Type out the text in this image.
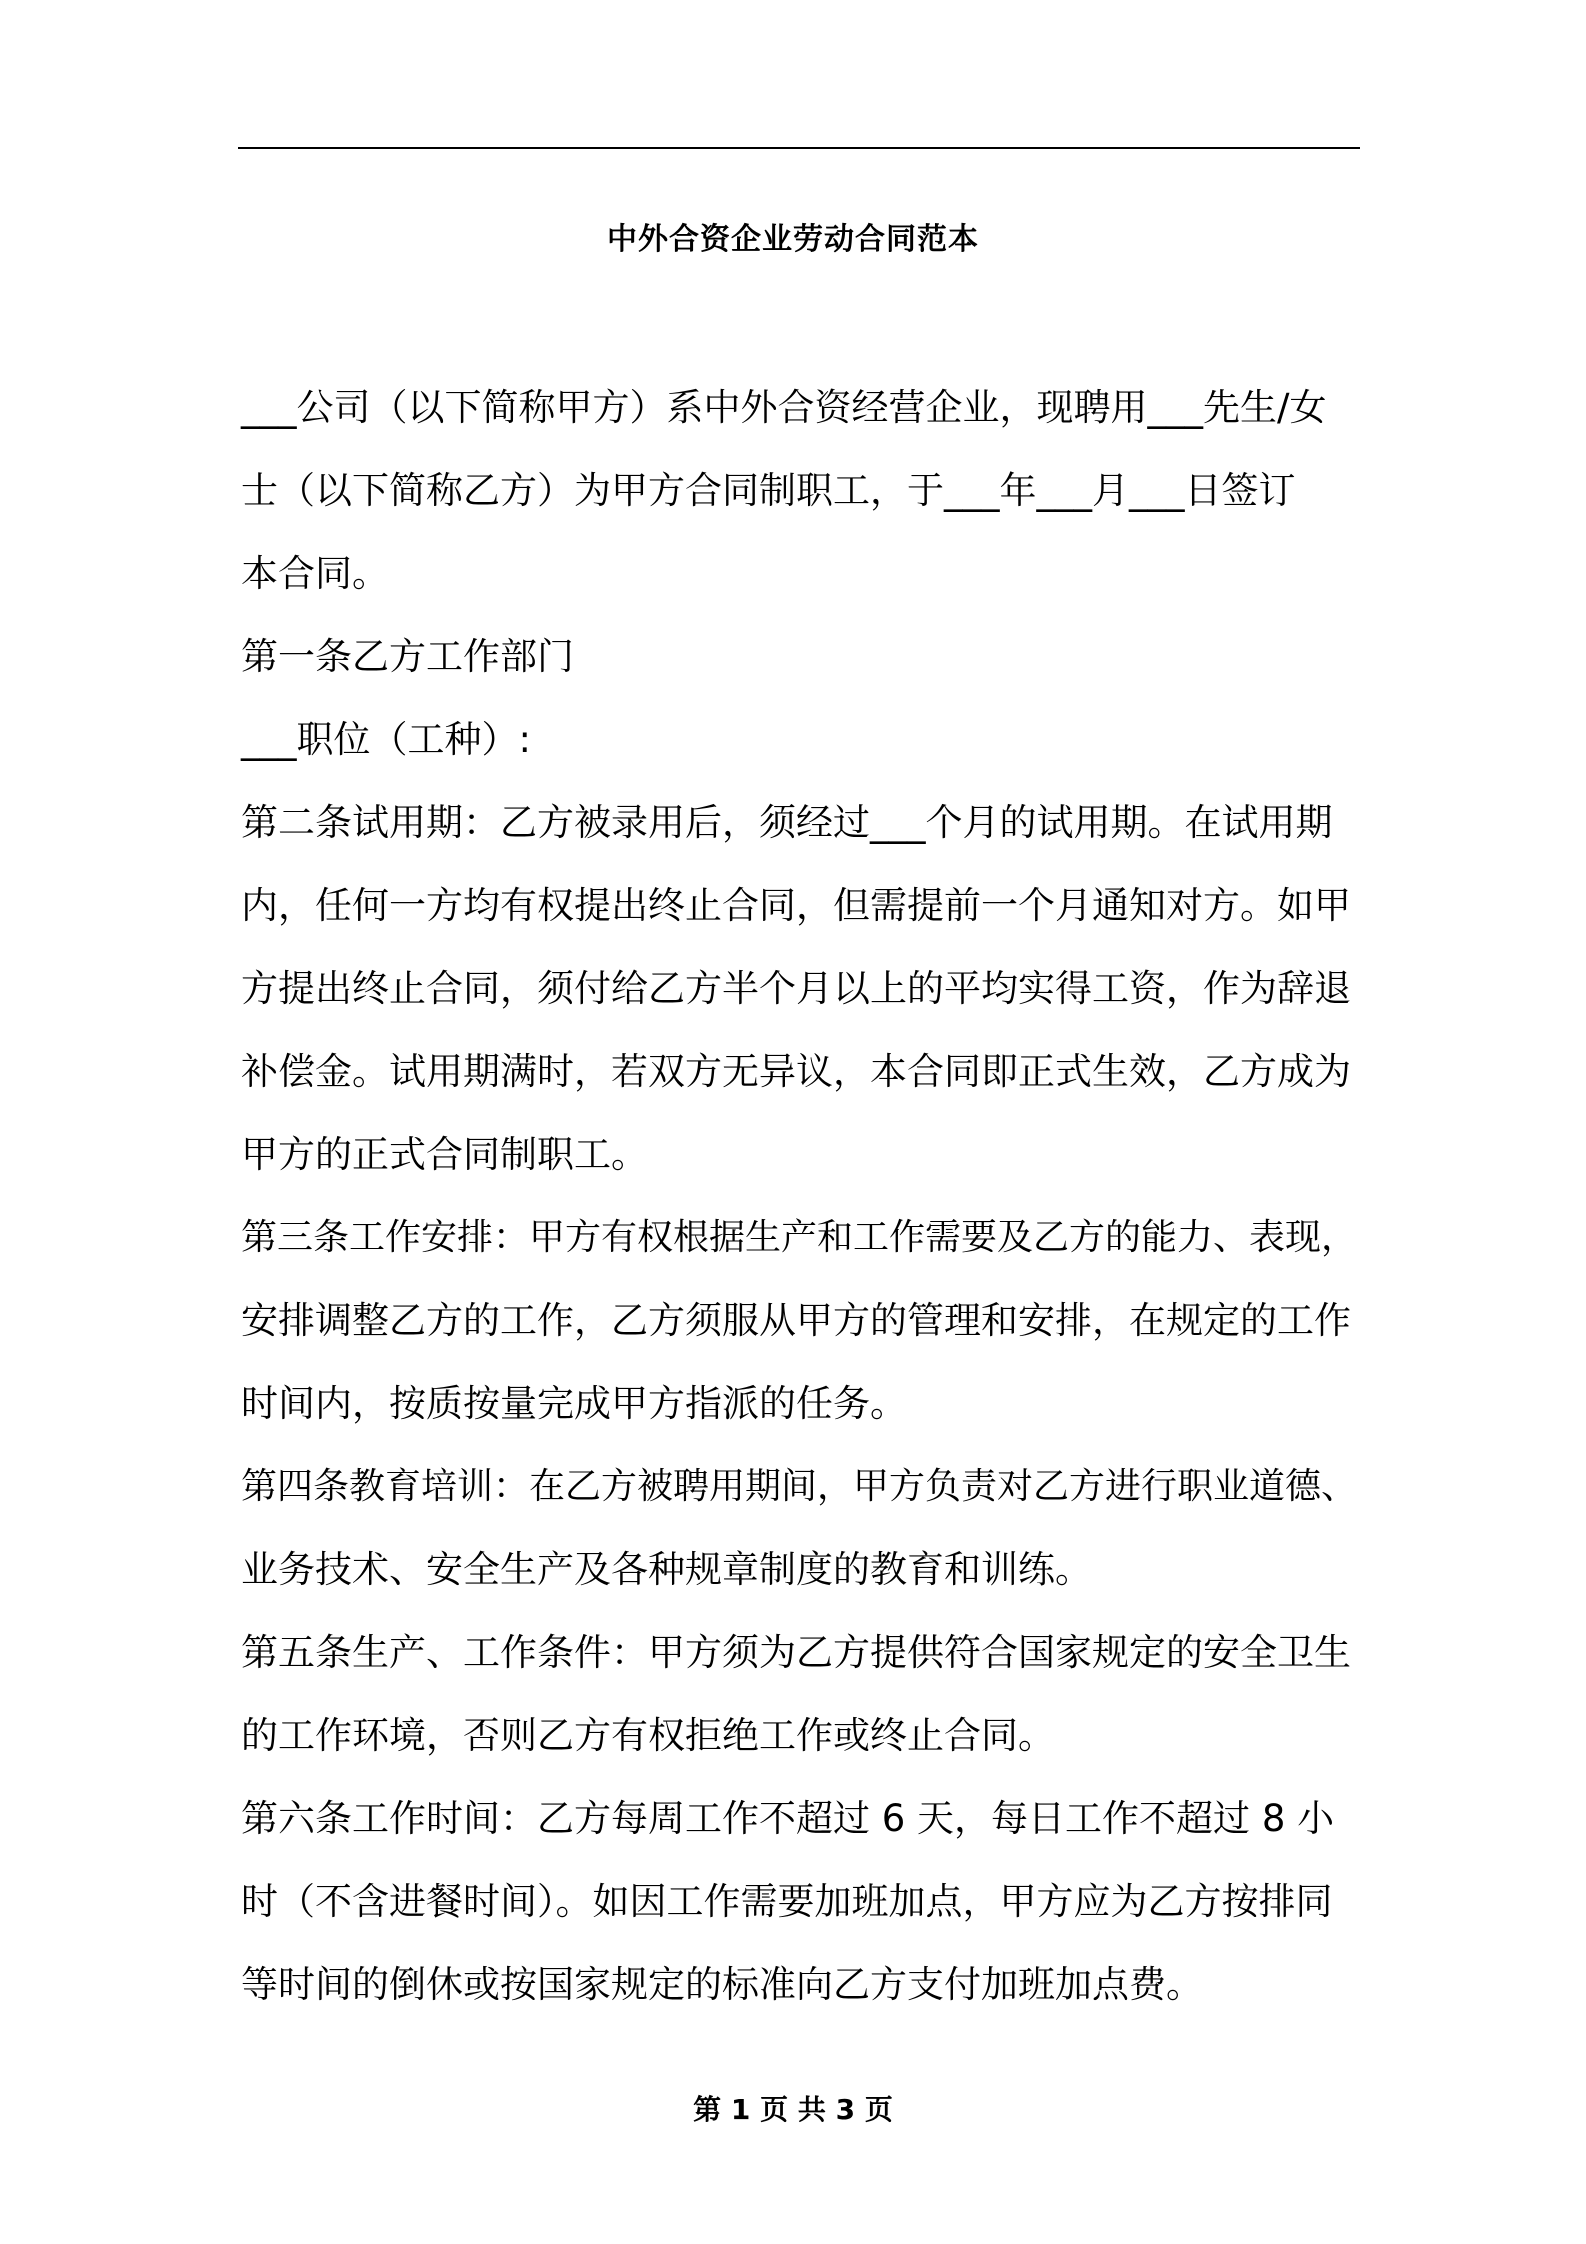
中外合资企业劳动合同范本
___公司（以下简称甲方）系中外合资经营企业，现聘用___先生/女
士（以下简称乙方）为甲方合同制职工，于___年___月___日签订
本合同。
第一条乙方工作部门
___职位（工种）:
第二条试用期：乙方被录用后，须经过___个月的试用期。在试用期
内，任何一方均有权提出终止合同，但需提前一个月通知对方。如甲
方提出终止合同，须付给乙方半个月以上的平均实得工资，作为辞退
补偿金。试用期满时，若双方无异议，本合同即正式生效，乙方成为
甲方的正式合同制职工。
第三条工作安排：甲方有权根据生产和工作需要及乙方的能力、表现，
安排调整乙方的工作，乙方须服从甲方的管理和安排，在规定的工作
时间内，按质按量完成甲方指派的任务。
第四条教育培训：在乙方被聘用期间，甲方负责对乙方进行职业道德、
业务技术、安全生产及各种规章制度的教育和训练。
第五条生产、工作条件：甲方须为乙方提供符合国家规定的安全卫生
的工作环境，否则乙方有权拒绝工作或终止合同。
第六条工作时间：乙方每周工作不超过 6 天，每日工作不超过 8 小
时（不含进餐时间）。如因工作需要加班加点，甲方应为乙方按排同
等时间的倒休或按国家规定的标准向乙方支付加班加点费。
第 1 页 共 3 页
